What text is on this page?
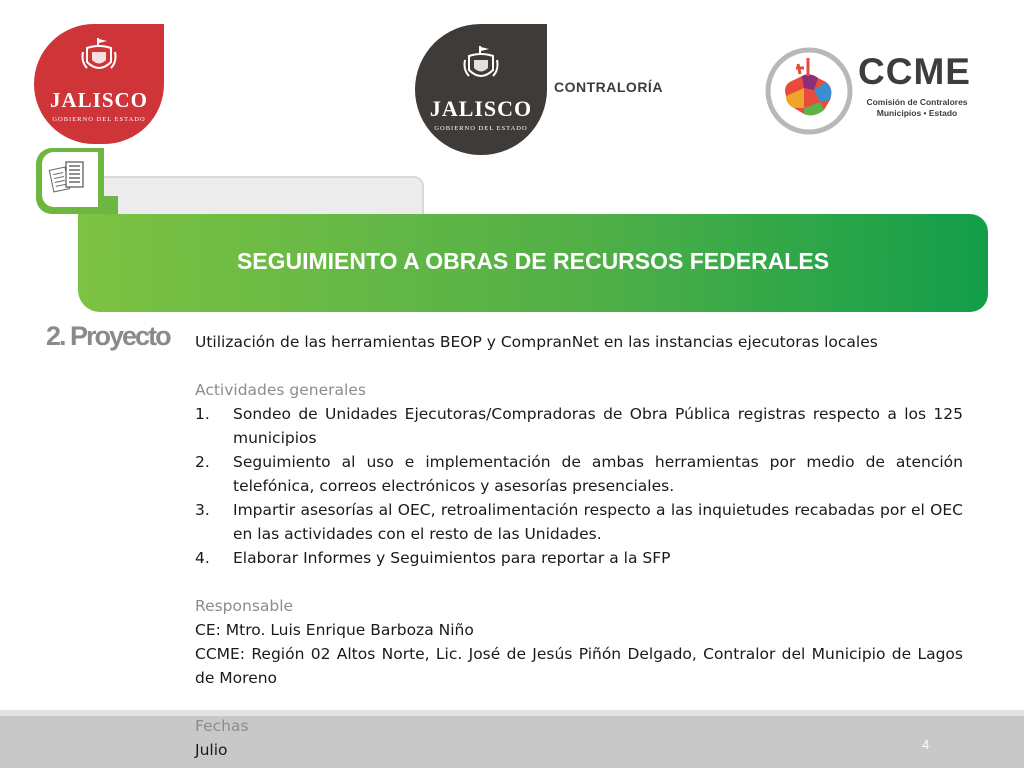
JALISCO
GOBIERNO DEL ESTADO	JALISCO
GOBIERNO DEL ESTADO
CONTRALORÍA	CCME
Comisión de Contralores
Municipios • Estado
SEGUIMIENTO A OBRAS DE RECURSOS FEDERALES
2. Proyecto Utilización de las herramientas BEOP y CompranNet en las instancias ejecutoras locales

Actividades generales

1. Sondeo de Unidades Ejecutoras/Compradoras de Obra Pública registras respecto a los 125 municipios
2. Seguimiento al uso e implementación de ambas herramientas por medio de atención telefónica, correos electrónicos y asesorías presenciales.
3. Impartir asesorías al OEC, retroalimentación respecto a las inquietudes recabadas por el OEC en las actividades con el resto de las Unidades.
4. Elaborar Informes y Seguimientos para reportar a la SFP

Responsable

CE: Mtro. Luis Enrique Barboza Niño

CCME: Región 02 Altos Norte, Lic. José de Jesús Piñón Delgado, Contralor del Municipio de Lagos de Moreno

Fechas

Julio	4
